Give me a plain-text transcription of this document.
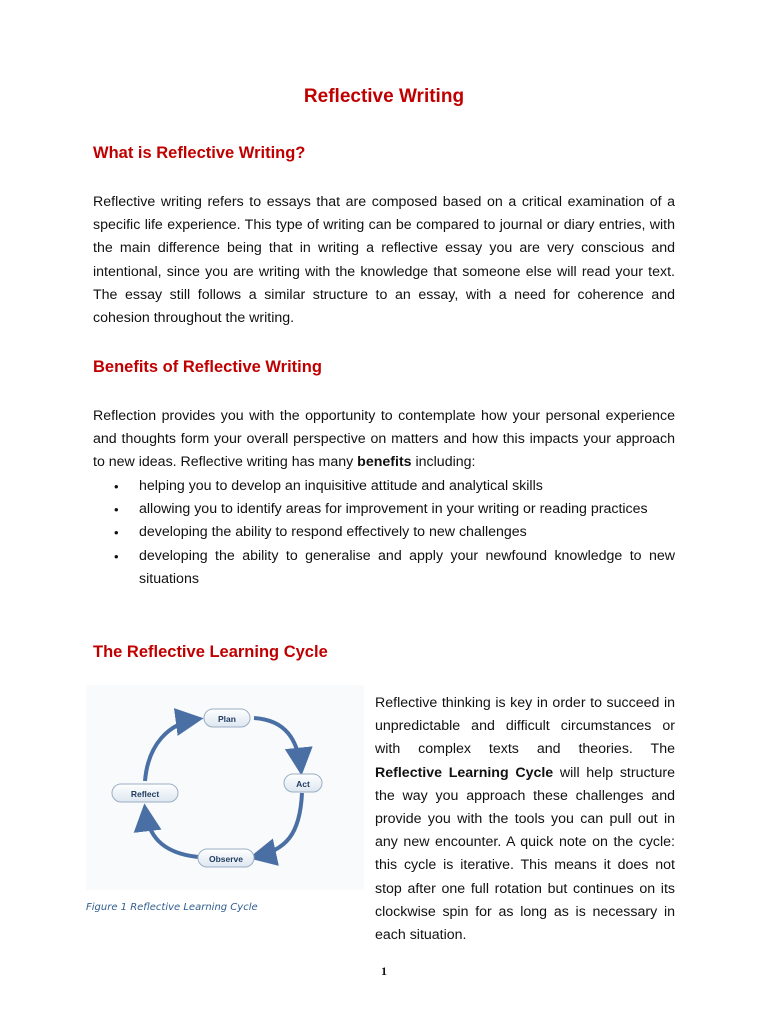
Reflective Writing
What is Reflective Writing?
Reflective writing refers to essays that are composed based on a critical examination of a specific life experience. This type of writing can be compared to journal or diary entries, with the main difference being that in writing a reflective essay you are very conscious and intentional, since you are writing with the knowledge that someone else will read your text. The essay still follows a similar structure to an essay, with a need for coherence and cohesion throughout the writing.
Benefits of Reflective Writing
Reflection provides you with the opportunity to contemplate how your personal experience and thoughts form your overall perspective on matters and how this impacts your approach to new ideas. Reflective writing has many benefits including:
• helping you to develop an inquisitive attitude and analytical skills
• allowing you to identify areas for improvement in your writing or reading practices
• developing the ability to respond effectively to new challenges
• developing the ability to generalise and apply your newfound knowledge to new situations
The Reflective Learning Cycle
Plan
Act
Observe
Reflect
Figure 1 Reflective Learning Cycle
Reflective thinking is key in order to succeed in unpredictable and difficult circumstances or with complex texts and theories. The Reflective Learning Cycle will help structure the way you approach these challenges and provide you with the tools you can pull out in any new encounter. A quick note on the cycle: this cycle is iterative. This means it does not stop after one full rotation but continues on its clockwise spin for as long as is necessary in each situation.
1
